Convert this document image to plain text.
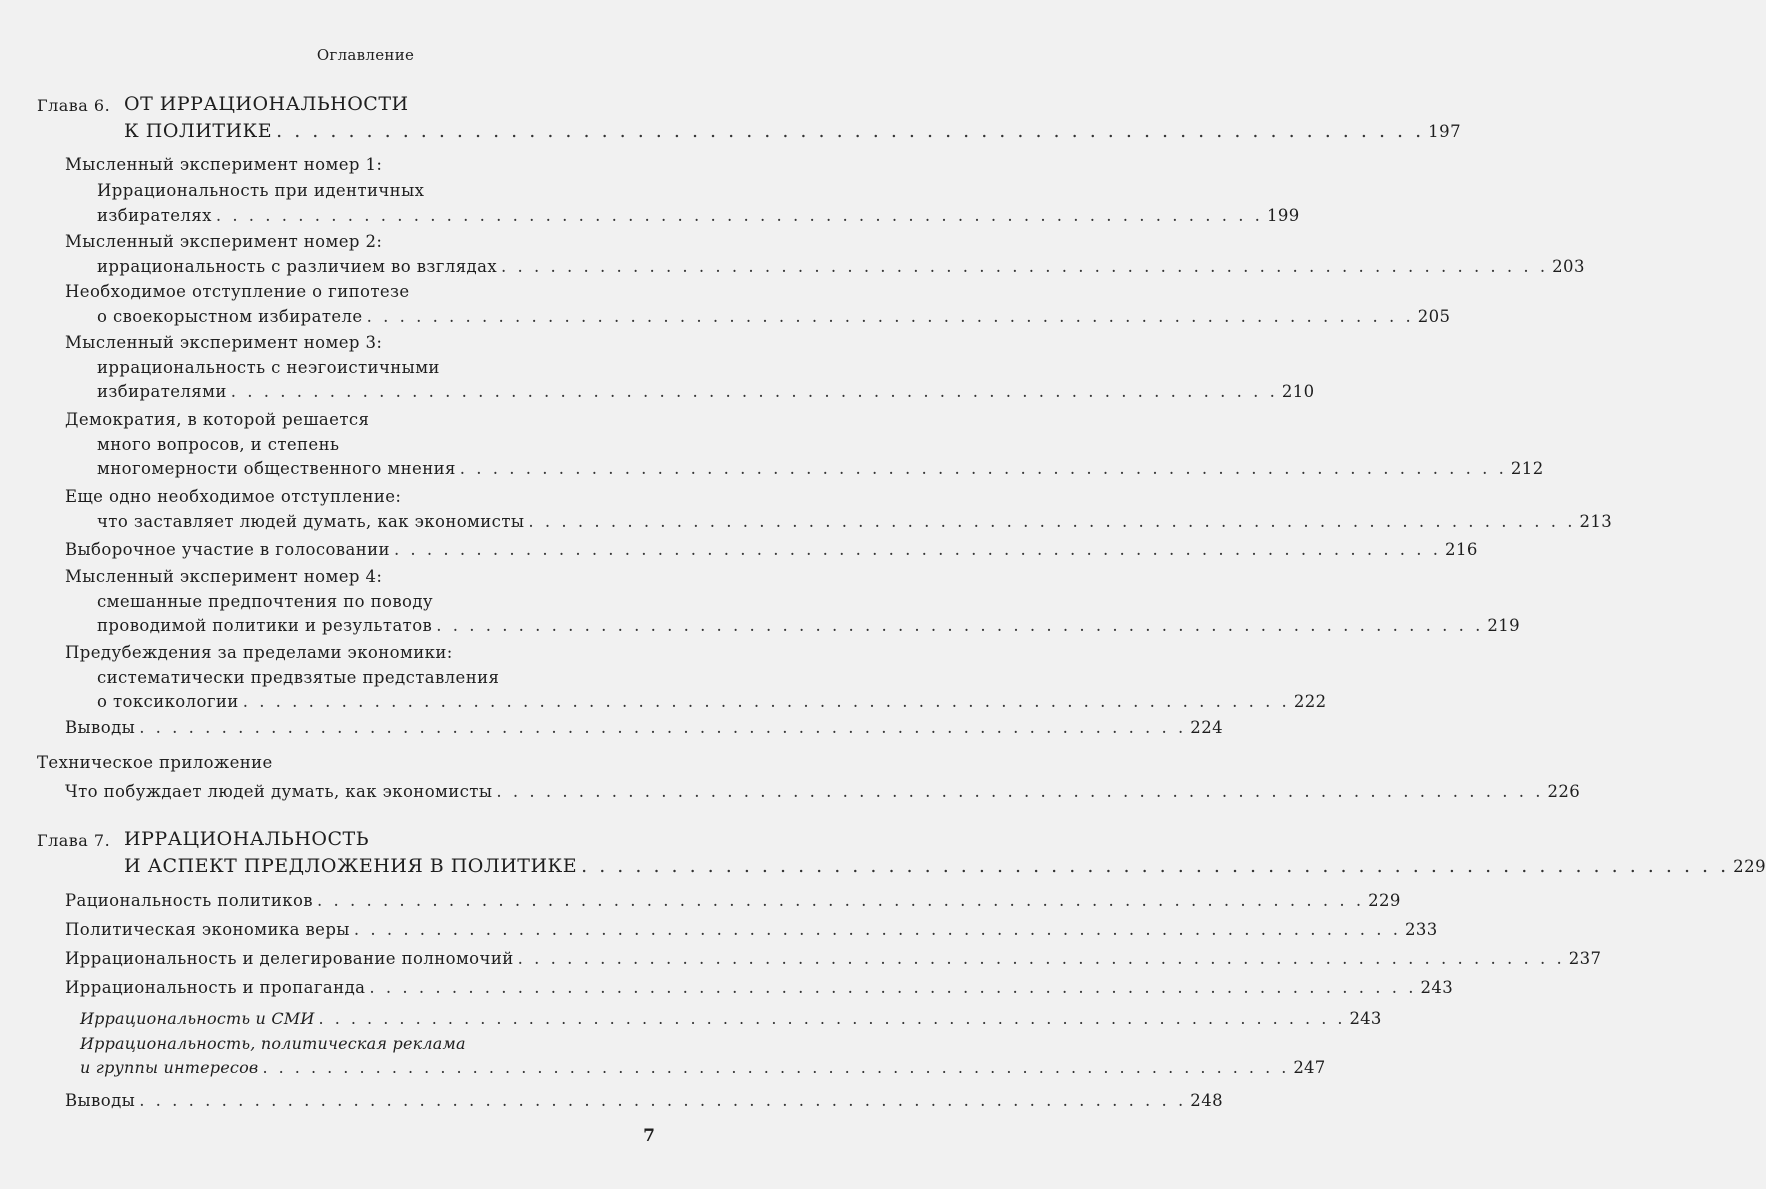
Оглавление
Глава 6. ОТ ИРРАЦИОНАЛЬНОСТИ
К ПОЛИТИКЕ . . . . . . . . . . . . . . . . . . . . . . . . . . . . . . . . . . . . . . . . . . . . . . . . . . . . . . . . . . . . . . . . 197
Мысленный эксперимент номер 1:
Иррациональность при идентичных
избирателях . . . . . . . . . . . . . . . . . . . . . . . . . . . . . . . . . . . . . . . . . . . . . . . . . . . . . . . . . . . . . . . . 199
Мысленный эксперимент номер 2:
иррациональность с различием во взглядах . . . . . . . . . . . . . . . . . . . . . . . . . . . . . . . . . . . . . . . . . . . . . . . . . . . . . . . . . . . . . . . . 203
Необходимое отступление о гипотезе
о своекорыстном избирателе . . . . . . . . . . . . . . . . . . . . . . . . . . . . . . . . . . . . . . . . . . . . . . . . . . . . . . . . . . . . . . . . 205
Мысленный эксперимент номер 3:
иррациональность с неэгоистичными
избирателями . . . . . . . . . . . . . . . . . . . . . . . . . . . . . . . . . . . . . . . . . . . . . . . . . . . . . . . . . . . . . . . . 210
Демократия, в которой решается
много вопросов, и степень
многомерности общественного мнения . . . . . . . . . . . . . . . . . . . . . . . . . . . . . . . . . . . . . . . . . . . . . . . . . . . . . . . . . . . . . . . . 212
Еще одно необходимое отступление:
что заставляет людей думать, как экономисты . . . . . . . . . . . . . . . . . . . . . . . . . . . . . . . . . . . . . . . . . . . . . . . . . . . . . . . . . . . . . . . . 213
Выборочное участие в голосовании . . . . . . . . . . . . . . . . . . . . . . . . . . . . . . . . . . . . . . . . . . . . . . . . . . . . . . . . . . . . . . . . 216
Мысленный эксперимент номер 4:
смешанные предпочтения по поводу
проводимой политики и результатов . . . . . . . . . . . . . . . . . . . . . . . . . . . . . . . . . . . . . . . . . . . . . . . . . . . . . . . . . . . . . . . . 219
Предубеждения за пределами экономики:
систематически предвзятые представления
о токсикологии . . . . . . . . . . . . . . . . . . . . . . . . . . . . . . . . . . . . . . . . . . . . . . . . . . . . . . . . . . . . . . . . 222
Выводы . . . . . . . . . . . . . . . . . . . . . . . . . . . . . . . . . . . . . . . . . . . . . . . . . . . . . . . . . . . . . . . . 224
Техническое приложение
Что побуждает людей думать, как экономисты . . . . . . . . . . . . . . . . . . . . . . . . . . . . . . . . . . . . . . . . . . . . . . . . . . . . . . . . . . . . . . . . 226
Глава 7. ИРРАЦИОНАЛЬНОСТЬ
И АСПЕКТ ПРЕДЛОЖЕНИЯ В ПОЛИТИКЕ . . . . . . . . . . . . . . . . . . . . . . . . . . . . . . . . . . . . . . . . . . . . . . . . . . . . . . . . . . . . . . . . 229
Рациональность политиков . . . . . . . . . . . . . . . . . . . . . . . . . . . . . . . . . . . . . . . . . . . . . . . . . . . . . . . . . . . . . . . . 229
Политическая экономика веры . . . . . . . . . . . . . . . . . . . . . . . . . . . . . . . . . . . . . . . . . . . . . . . . . . . . . . . . . . . . . . . . 233
Иррациональность и делегирование полномочий . . . . . . . . . . . . . . . . . . . . . . . . . . . . . . . . . . . . . . . . . . . . . . . . . . . . . . . . . . . . . . . . 237
Иррациональность и пропаганда . . . . . . . . . . . . . . . . . . . . . . . . . . . . . . . . . . . . . . . . . . . . . . . . . . . . . . . . . . . . . . . . 243
Иррациональность и СМИ . . . . . . . . . . . . . . . . . . . . . . . . . . . . . . . . . . . . . . . . . . . . . . . . . . . . . . . . . . . . . . . . 243
Иррациональность, политическая реклама
и группы интересов . . . . . . . . . . . . . . . . . . . . . . . . . . . . . . . . . . . . . . . . . . . . . . . . . . . . . . . . . . . . . . . . 247
Выводы . . . . . . . . . . . . . . . . . . . . . . . . . . . . . . . . . . . . . . . . . . . . . . . . . . . . . . . . . . . . . . . . 248
7
